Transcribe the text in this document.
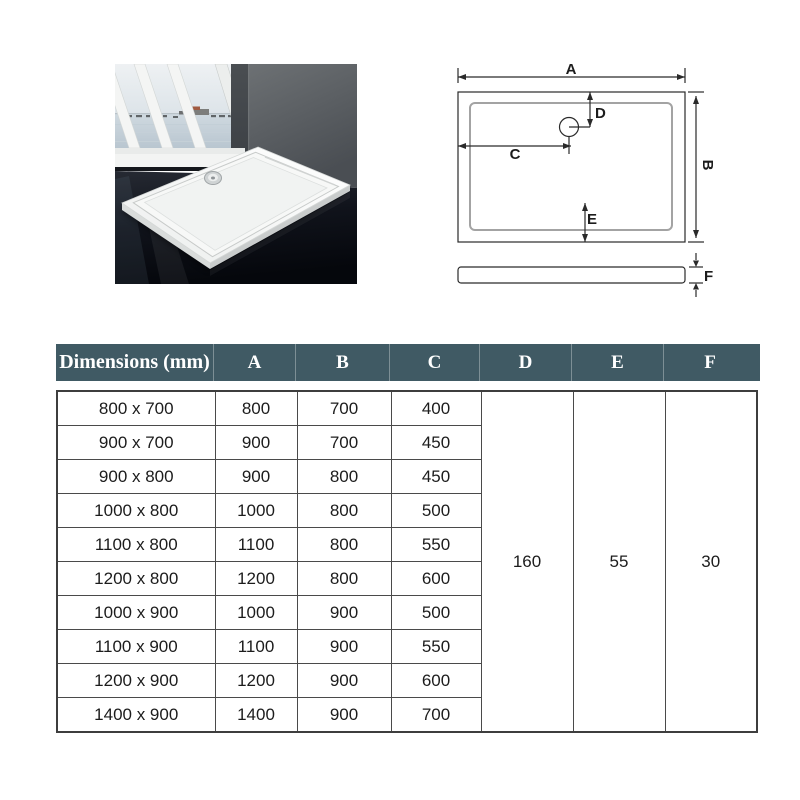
A
B
C
D
E
F
Dimensions (mm)	A	B	C	D	E	F
800 x 700	800	700	400	160	55	30
900 x 700	900	700	450			
900 x 800	900	800	450			
1000 x 800	1000	800	500			
1100 x 800	1100	800	550			
1200 x 800	1200	800	600			
1000 x 900	1000	900	500			
1100 x 900	1100	900	550			
1200 x 900	1200	900	600			
1400 x 900	1400	900	700			
